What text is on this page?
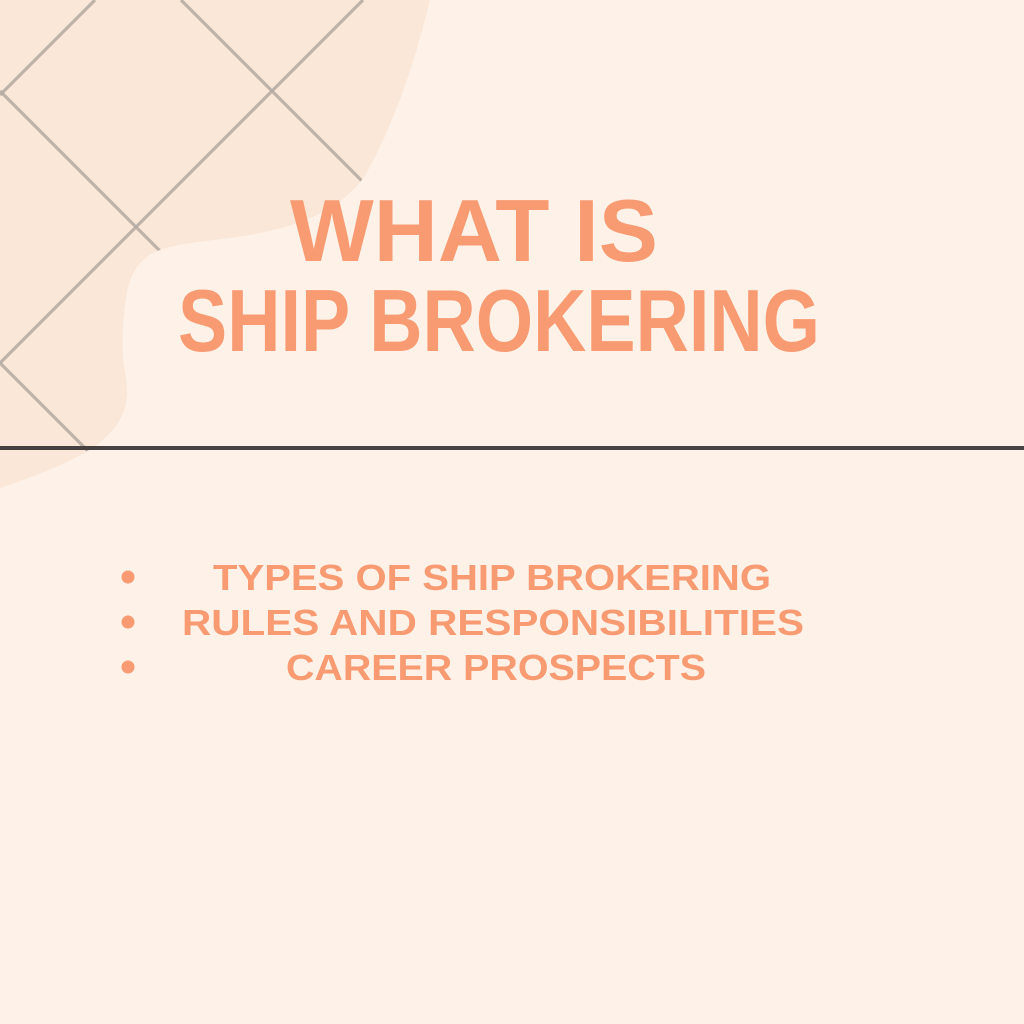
WHAT IS
SHIP BROKERING
TYPES OF SHIP BROKERING
RULES AND RESPONSIBILITIES
CAREER PROSPECTS
